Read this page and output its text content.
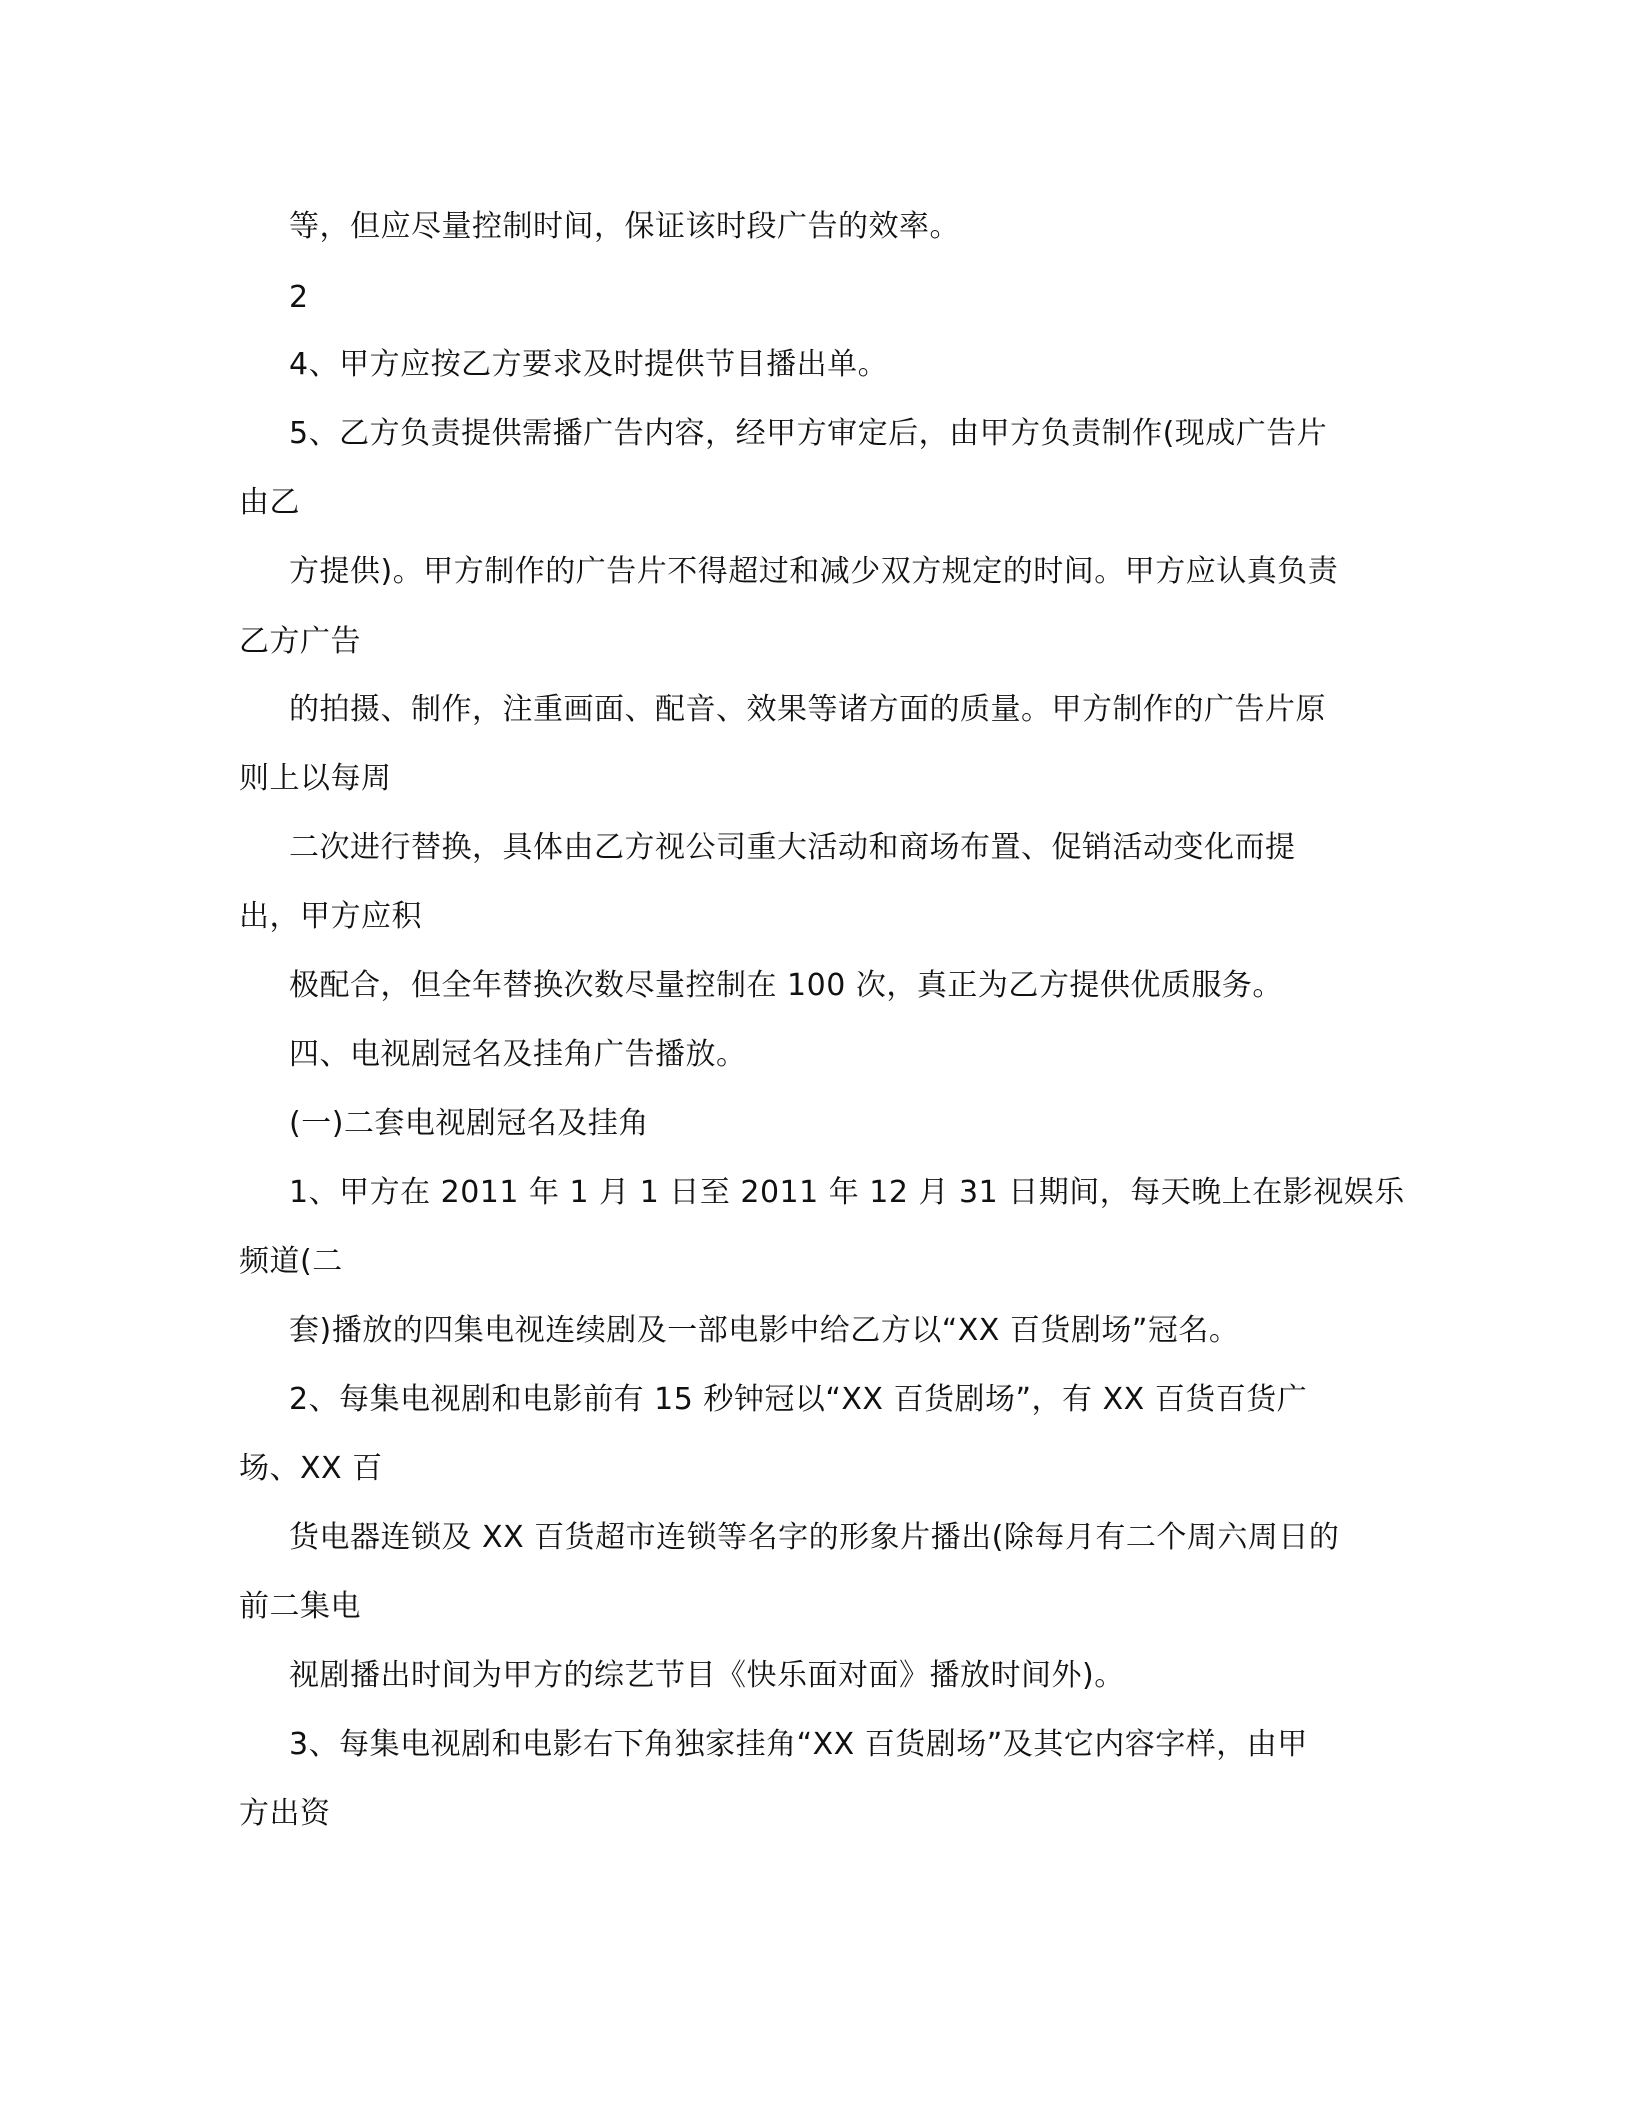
等，但应尽量控制时间，保证该时段广告的效率。
2
4、甲方应按乙方要求及时提供节目播出单。
5、乙方负责提供需播广告内容，经甲方审定后，由甲方负责制作(现成广告片
由乙
方提供)。甲方制作的广告片不得超过和减少双方规定的时间。甲方应认真负责
乙方广告
的拍摄、制作，注重画面、配音、效果等诸方面的质量。甲方制作的广告片原
则上以每周
二次进行替换，具体由乙方视公司重大活动和商场布置、促销活动变化而提
出，甲方应积
极配合，但全年替换次数尽量控制在 100 次，真正为乙方提供优质服务。
四、电视剧冠名及挂角广告播放。
(一)二套电视剧冠名及挂角
1、甲方在 2011 年 1 月 1 日至 2011 年 12 月 31 日期间，每天晚上在影视娱乐
频道(二
套)播放的四集电视连续剧及一部电影中给乙方以“XX 百货剧场”冠名。
2、每集电视剧和电影前有 15 秒钟冠以“XX 百货剧场”，有 XX 百货百货广
场、XX 百
货电器连锁及 XX 百货超市连锁等名字的形象片播出(除每月有二个周六周日的
前二集电
视剧播出时间为甲方的综艺节目《快乐面对面》播放时间外)。
3、每集电视剧和电影右下角独家挂角“XX 百货剧场”及其它内容字样，由甲
方出资
